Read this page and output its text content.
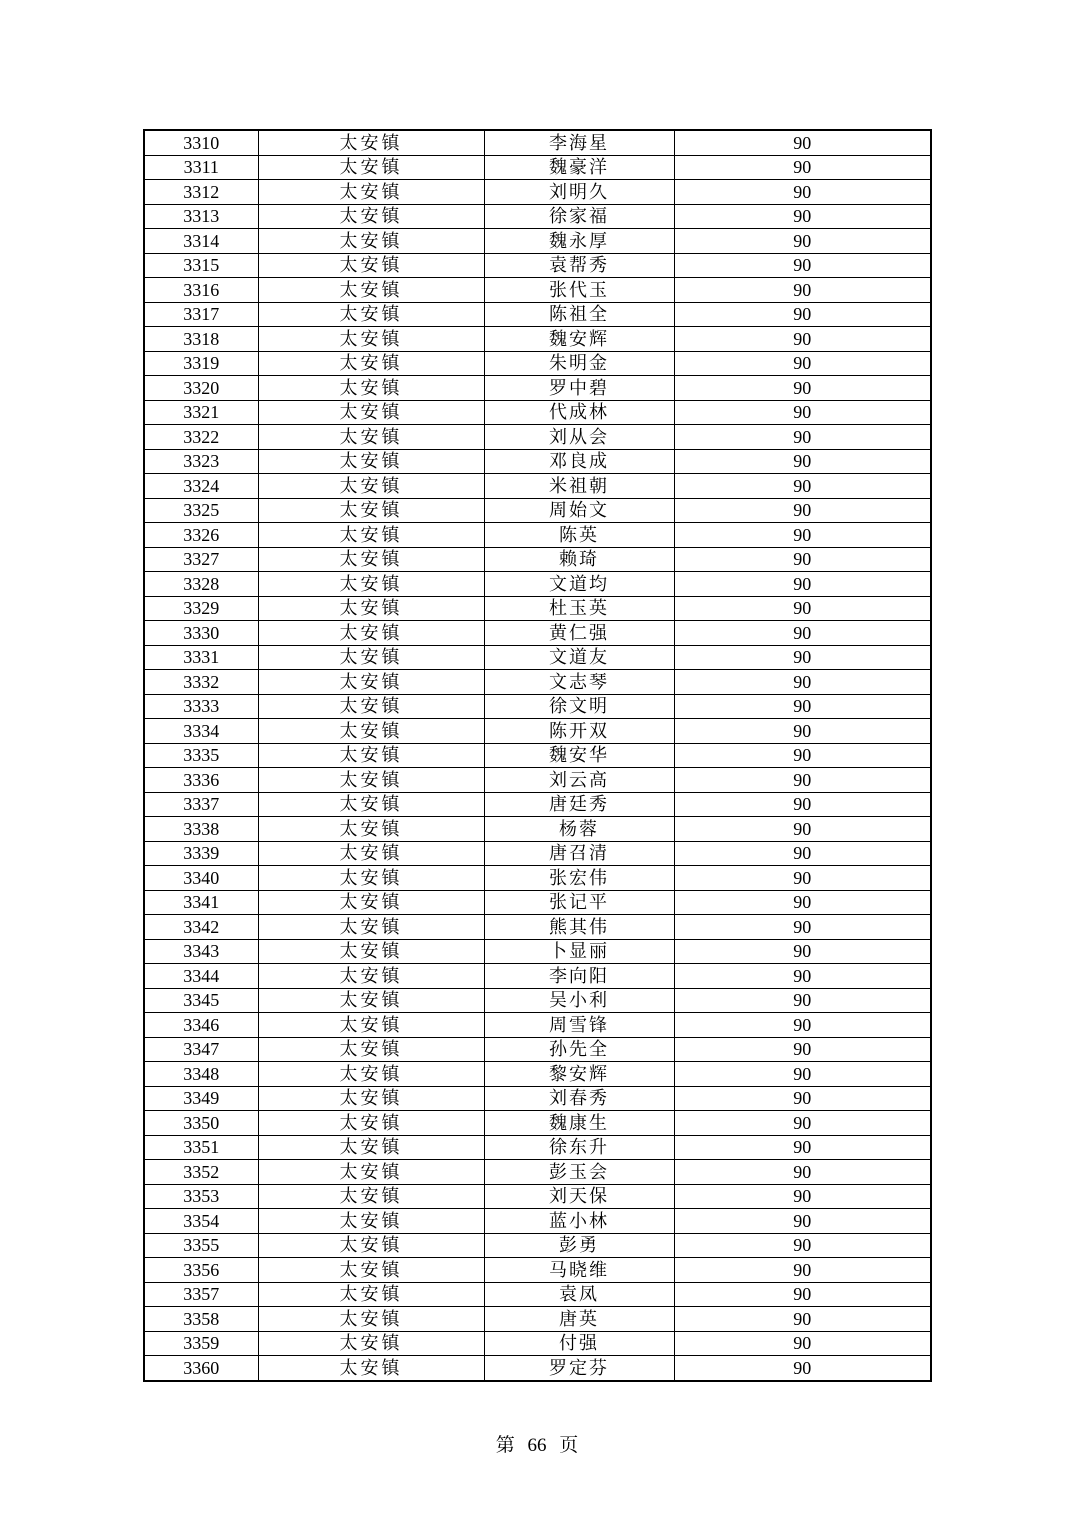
3310	太安镇	李海星	90
3311	太安镇	魏豪洋	90
3312	太安镇	刘明久	90
3313	太安镇	徐家福	90
3314	太安镇	魏永厚	90
3315	太安镇	袁帮秀	90
3316	太安镇	张代玉	90
3317	太安镇	陈祖全	90
3318	太安镇	魏安辉	90
3319	太安镇	朱明金	90
3320	太安镇	罗中碧	90
3321	太安镇	代成林	90
3322	太安镇	刘从会	90
3323	太安镇	邓良成	90
3324	太安镇	米祖朝	90
3325	太安镇	周始文	90
3326	太安镇	陈英	90
3327	太安镇	赖琦	90
3328	太安镇	文道均	90
3329	太安镇	杜玉英	90
3330	太安镇	黄仁强	90
3331	太安镇	文道友	90
3332	太安镇	文志琴	90
3333	太安镇	徐文明	90
3334	太安镇	陈开双	90
3335	太安镇	魏安华	90
3336	太安镇	刘云高	90
3337	太安镇	唐廷秀	90
3338	太安镇	杨蓉	90
3339	太安镇	唐召清	90
3340	太安镇	张宏伟	90
3341	太安镇	张记平	90
3342	太安镇	熊其伟	90
3343	太安镇	卜显丽	90
3344	太安镇	李向阳	90
3345	太安镇	吴小利	90
3346	太安镇	周雪锋	90
3347	太安镇	孙先全	90
3348	太安镇	黎安辉	90
3349	太安镇	刘春秀	90
3350	太安镇	魏康生	90
3351	太安镇	徐东升	90
3352	太安镇	彭玉会	90
3353	太安镇	刘天保	90
3354	太安镇	蓝小林	90
3355	太安镇	彭勇	90
3356	太安镇	马晓维	90
3357	太安镇	袁凤	90
3358	太安镇	唐英	90
3359	太安镇	付强	90
3360	太安镇	罗定芬	90
第 66 页
